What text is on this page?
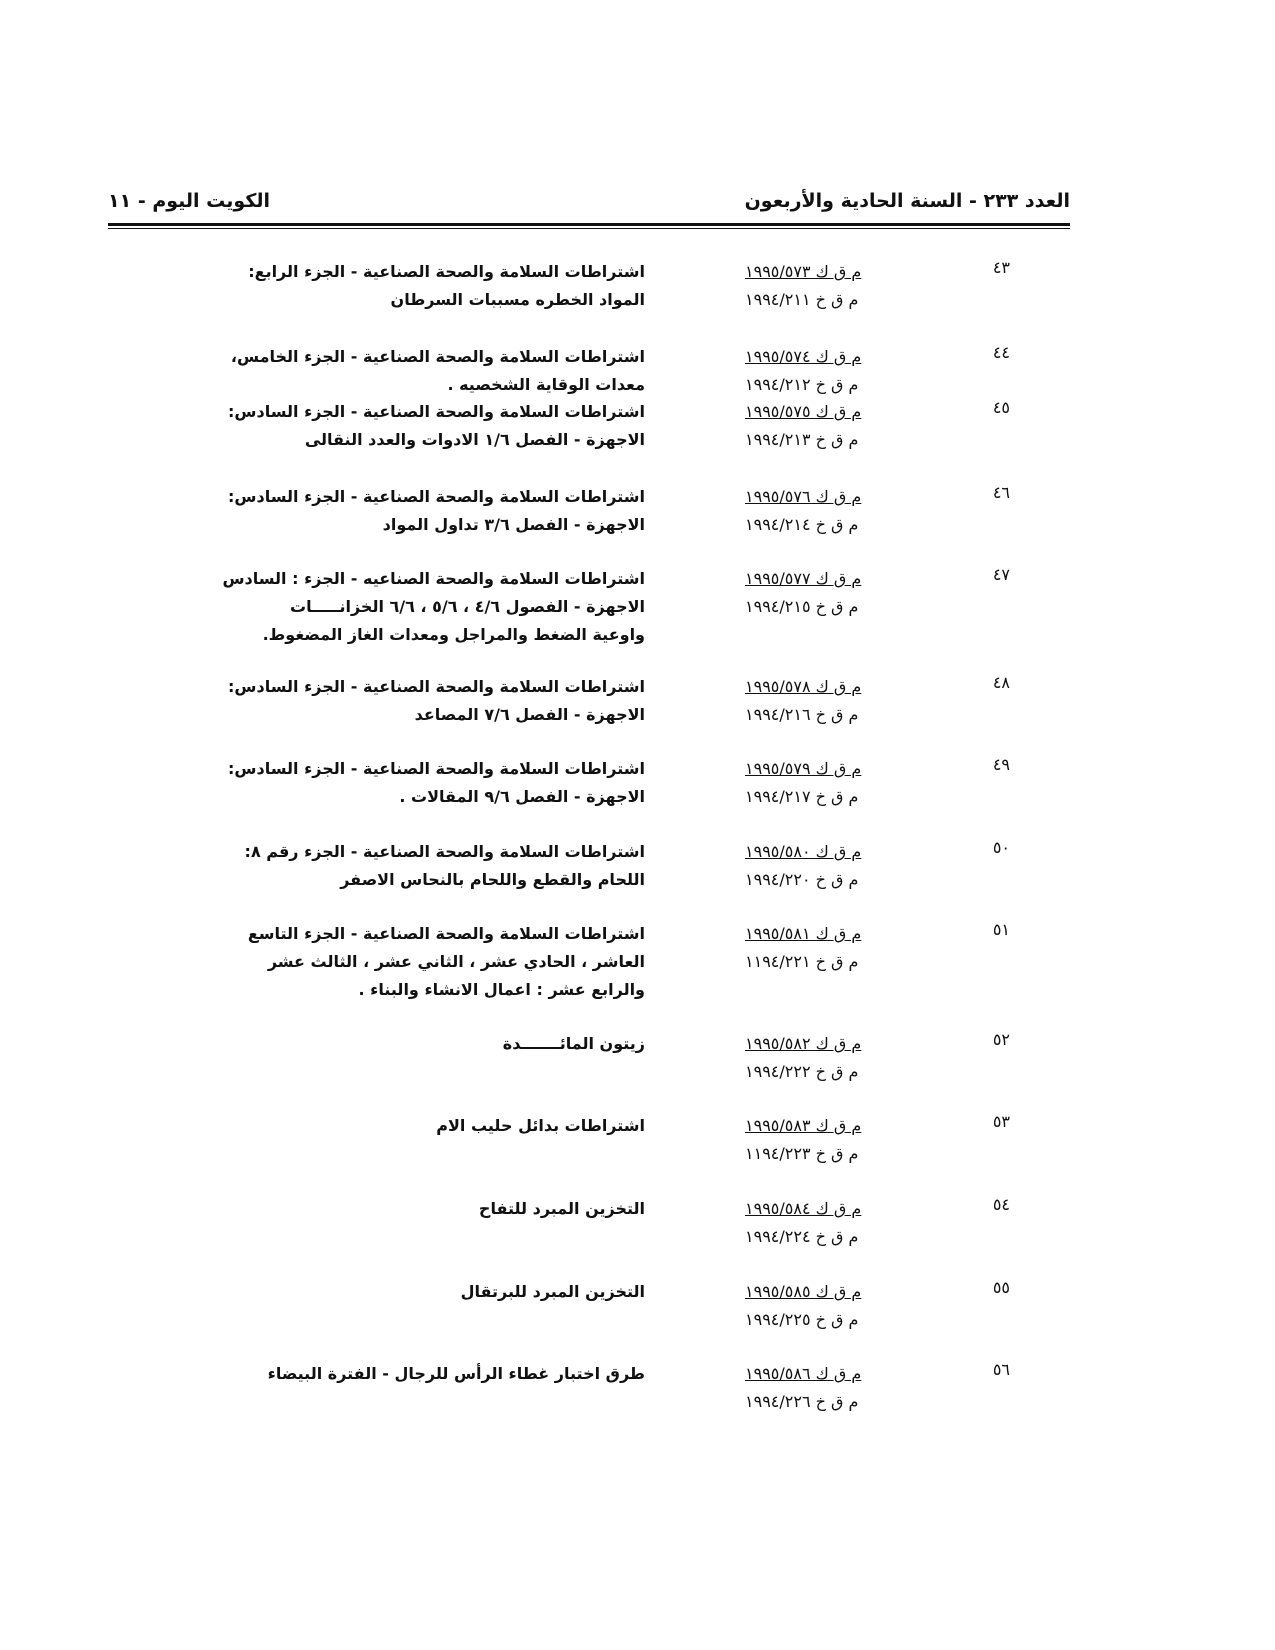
العدد ٢٣٣ - السنة الحادية والأربعون
الكويت اليوم - ١١
٤٣
م ق ك ١٩٩٥/٥٧٣
م ق خ ١٩٩٤/٢١١
اشتراطات السلامة والصحة الصناعية - الجزء الرابع:
المواد الخطره مسببات السرطان
٤٤
م ق ك ١٩٩٥/٥٧٤
م ق خ ١٩٩٤/٢١٢
اشتراطات السلامة والصحة الصناعية - الجزء الخامس،
معدات الوقاية الشخصيه .
٤٥
م ق ك ١٩٩٥/٥٧٥
م ق خ ١٩٩٤/٢١٣
اشتراطات السلامة والصحة الصناعية - الجزء السادس:
الاجهزة - الفصل ١/٦ الادوات والعدد النقالى
٤٦
م ق ك ١٩٩٥/٥٧٦
م ق خ ١٩٩٤/٢١٤
اشتراطات السلامة والصحة الصناعية - الجزء السادس:
الاجهزة - الفصل ٣/٦ تداول المواد
٤٧
م ق ك ١٩٩٥/٥٧٧
م ق خ ١٩٩٤/٢١٥
اشتراطات السلامة والصحة الصناعيه - الجزء : السادس
الاجهزة - الفصول ٤/٦ ، ٥/٦ ، ٦/٦ الخزانـــــات
واوعية الضغط والمراجل ومعدات الغاز المضغوط.
٤٨
م ق ك ١٩٩٥/٥٧٨
م ق خ ١٩٩٤/٢١٦
اشتراطات السلامة والصحة الصناعية - الجزء السادس:
الاجهزة - الفصل ٧/٦ المصاعد
٤٩
م ق ك ١٩٩٥/٥٧٩
م ق خ ١٩٩٤/٢١٧
اشتراطات السلامة والصحة الصناعية - الجزء السادس:
الاجهزة - الفصل ٩/٦ المقالات .
٥٠
م ق ك ١٩٩٥/٥٨٠
م ق خ ١٩٩٤/٢٢٠
اشتراطات السلامة والصحة الصناعية - الجزء رقم ٨:
اللحام والقطع واللحام بالنحاس الاصفر
٥١
م ق ك ١٩٩٥/٥٨١
م ق خ ١١٩٤/٢٢١
اشتراطات السلامة والصحة الصناعية - الجزء التاسع
العاشر ، الحادي عشر ، الثاني عشر ، الثالث عشر
والرابع عشر : اعمال الانشاء والبناء .
٥٢
م ق ك ١٩٩٥/٥٨٢
م ق خ ١٩٩٤/٢٢٢
زيتون المائـــــــدة
٥٣
م ق ك ١٩٩٥/٥٨٣
م ق خ ١١٩٤/٢٢٣
اشتراطات بدائل حليب الام
٥٤
م ق ك ١٩٩٥/٥٨٤
م ق خ ١٩٩٤/٢٢٤
التخزين المبرد للتفاح
٥٥
م ق ك ١٩٩٥/٥٨٥
م ق خ ١٩٩٤/٢٢٥
التخزين المبرد للبرتقال
٥٦
م ق ك ١٩٩٥/٥٨٦
م ق خ ١٩٩٤/٢٢٦
طرق اختبار غطاء الرأس للرجال - الفترة البيضاء
